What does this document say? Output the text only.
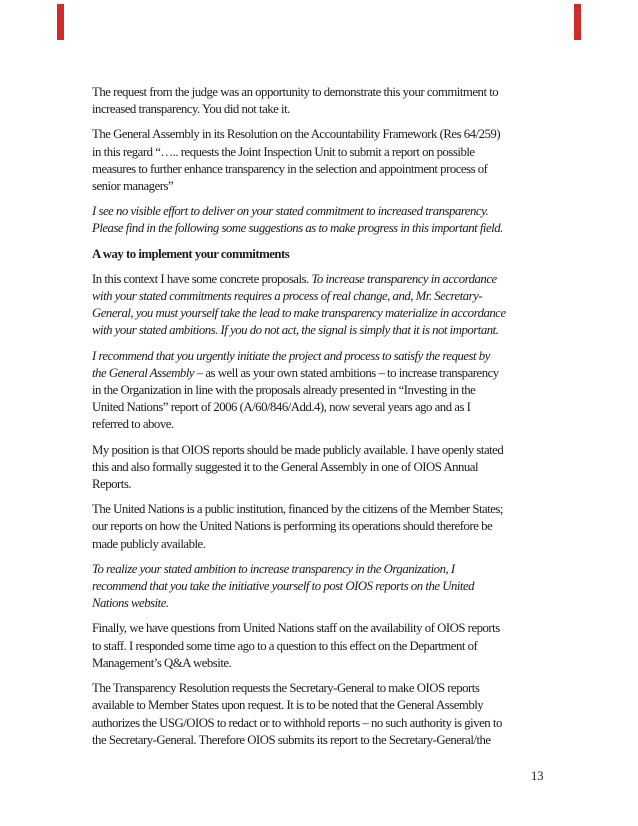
The request from the judge was an opportunity to demonstrate this your commitment to
increased transparency. You did not take it.

The General Assembly in its Resolution on the Accountability Framework (Res 64/259)
in this regard “….. requests the Joint Inspection Unit to submit a report on possible
measures to further enhance transparency in the selection and appointment process of
senior managers”

I see no visible effort to deliver on your stated commitment to increased transparency.
Please find in the following some suggestions as to make progress in this important field.

A way to implement your commitments

In this context I have some concrete proposals. To increase transparency in accordance
with your stated commitments requires a process of real change, and, Mr. Secretary-
General, you must yourself take the lead to make transparency materialize in accordance
with your stated ambitions. If you do not act, the signal is simply that it is not important.

I recommend that you urgently initiate the project and process to satisfy the request by
the General Assembly – as well as your own stated ambitions – to increase transparency
in the Organization in line with the proposals already presented in “Investing in the
United Nations” report of 2006 (A/60/846/Add.4), now several years ago and as I
referred to above.

My position is that OIOS reports should be made publicly available. I have openly stated
this and also formally suggested it to the General Assembly in one of OIOS Annual
Reports.

The United Nations is a public institution, financed by the citizens of the Member States;
our reports on how the United Nations is performing its operations should therefore be
made publicly available.

To realize your stated ambition to increase transparency in the Organization, I
recommend that you take the initiative yourself to post OIOS reports on the United
Nations website.

Finally, we have questions from United Nations staff on the availability of OIOS reports
to staff. I responded some time ago to a question to this effect on the Department of
Management’s Q&A website.

The Transparency Resolution requests the Secretary-General to make OIOS reports
available to Member States upon request. It is to be noted that the General Assembly
authorizes the USG/OIOS to redact or to withhold reports – no such authority is given to
the Secretary-General. Therefore OIOS submits its report to the Secretary-General/the

13
